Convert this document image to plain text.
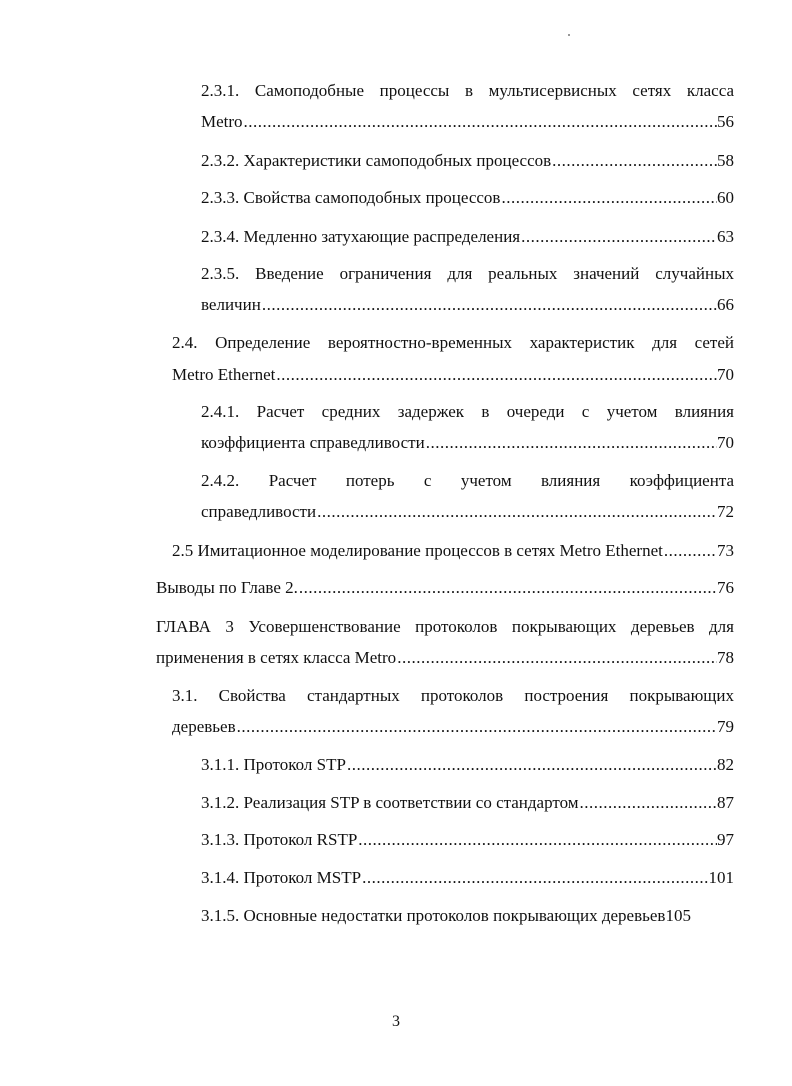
2.3.1. Самоподобные процессы в мультисервисных сетях класса
Metro .....	56
2.3.2. Характеристики самоподобных процессов .....	58
2.3.3. Свойства самоподобных процессов .....	60
2.3.4. Медленно затухающие распределения .....	63
2.3.5. Введение ограничения для реальных значений случайных
величин .....	66
2.4. Определение вероятностно-временных характеристик для сетей
Metro Ethernet .....	70
2.4.1. Расчет средних задержек в очереди с учетом влияния
коэффициента справедливости .....	70
2.4.2. Расчет потерь с учетом влияния коэффициента
справедливости .....	72
2.5 Имитационное моделирование процессов в сетях Metro Ethernet .....	73
Выводы по Главе 2. .....	76
ГЛАВА 3 Усовершенствование протоколов покрывающих деревьев для
применения в сетях класса Metro .....	78
3.1. Свойства стандартных протоколов построения покрывающих
деревьев .....	79
3.1.1. Протокол STP .....	82
3.1.2. Реализация STP в соответствии со стандартом .....	87
3.1.3. Протокол RSTP .....	97
3.1.4. Протокол MSTP .....	101
3.1.5. Основные недостатки протоколов покрывающих деревьев 105
3
